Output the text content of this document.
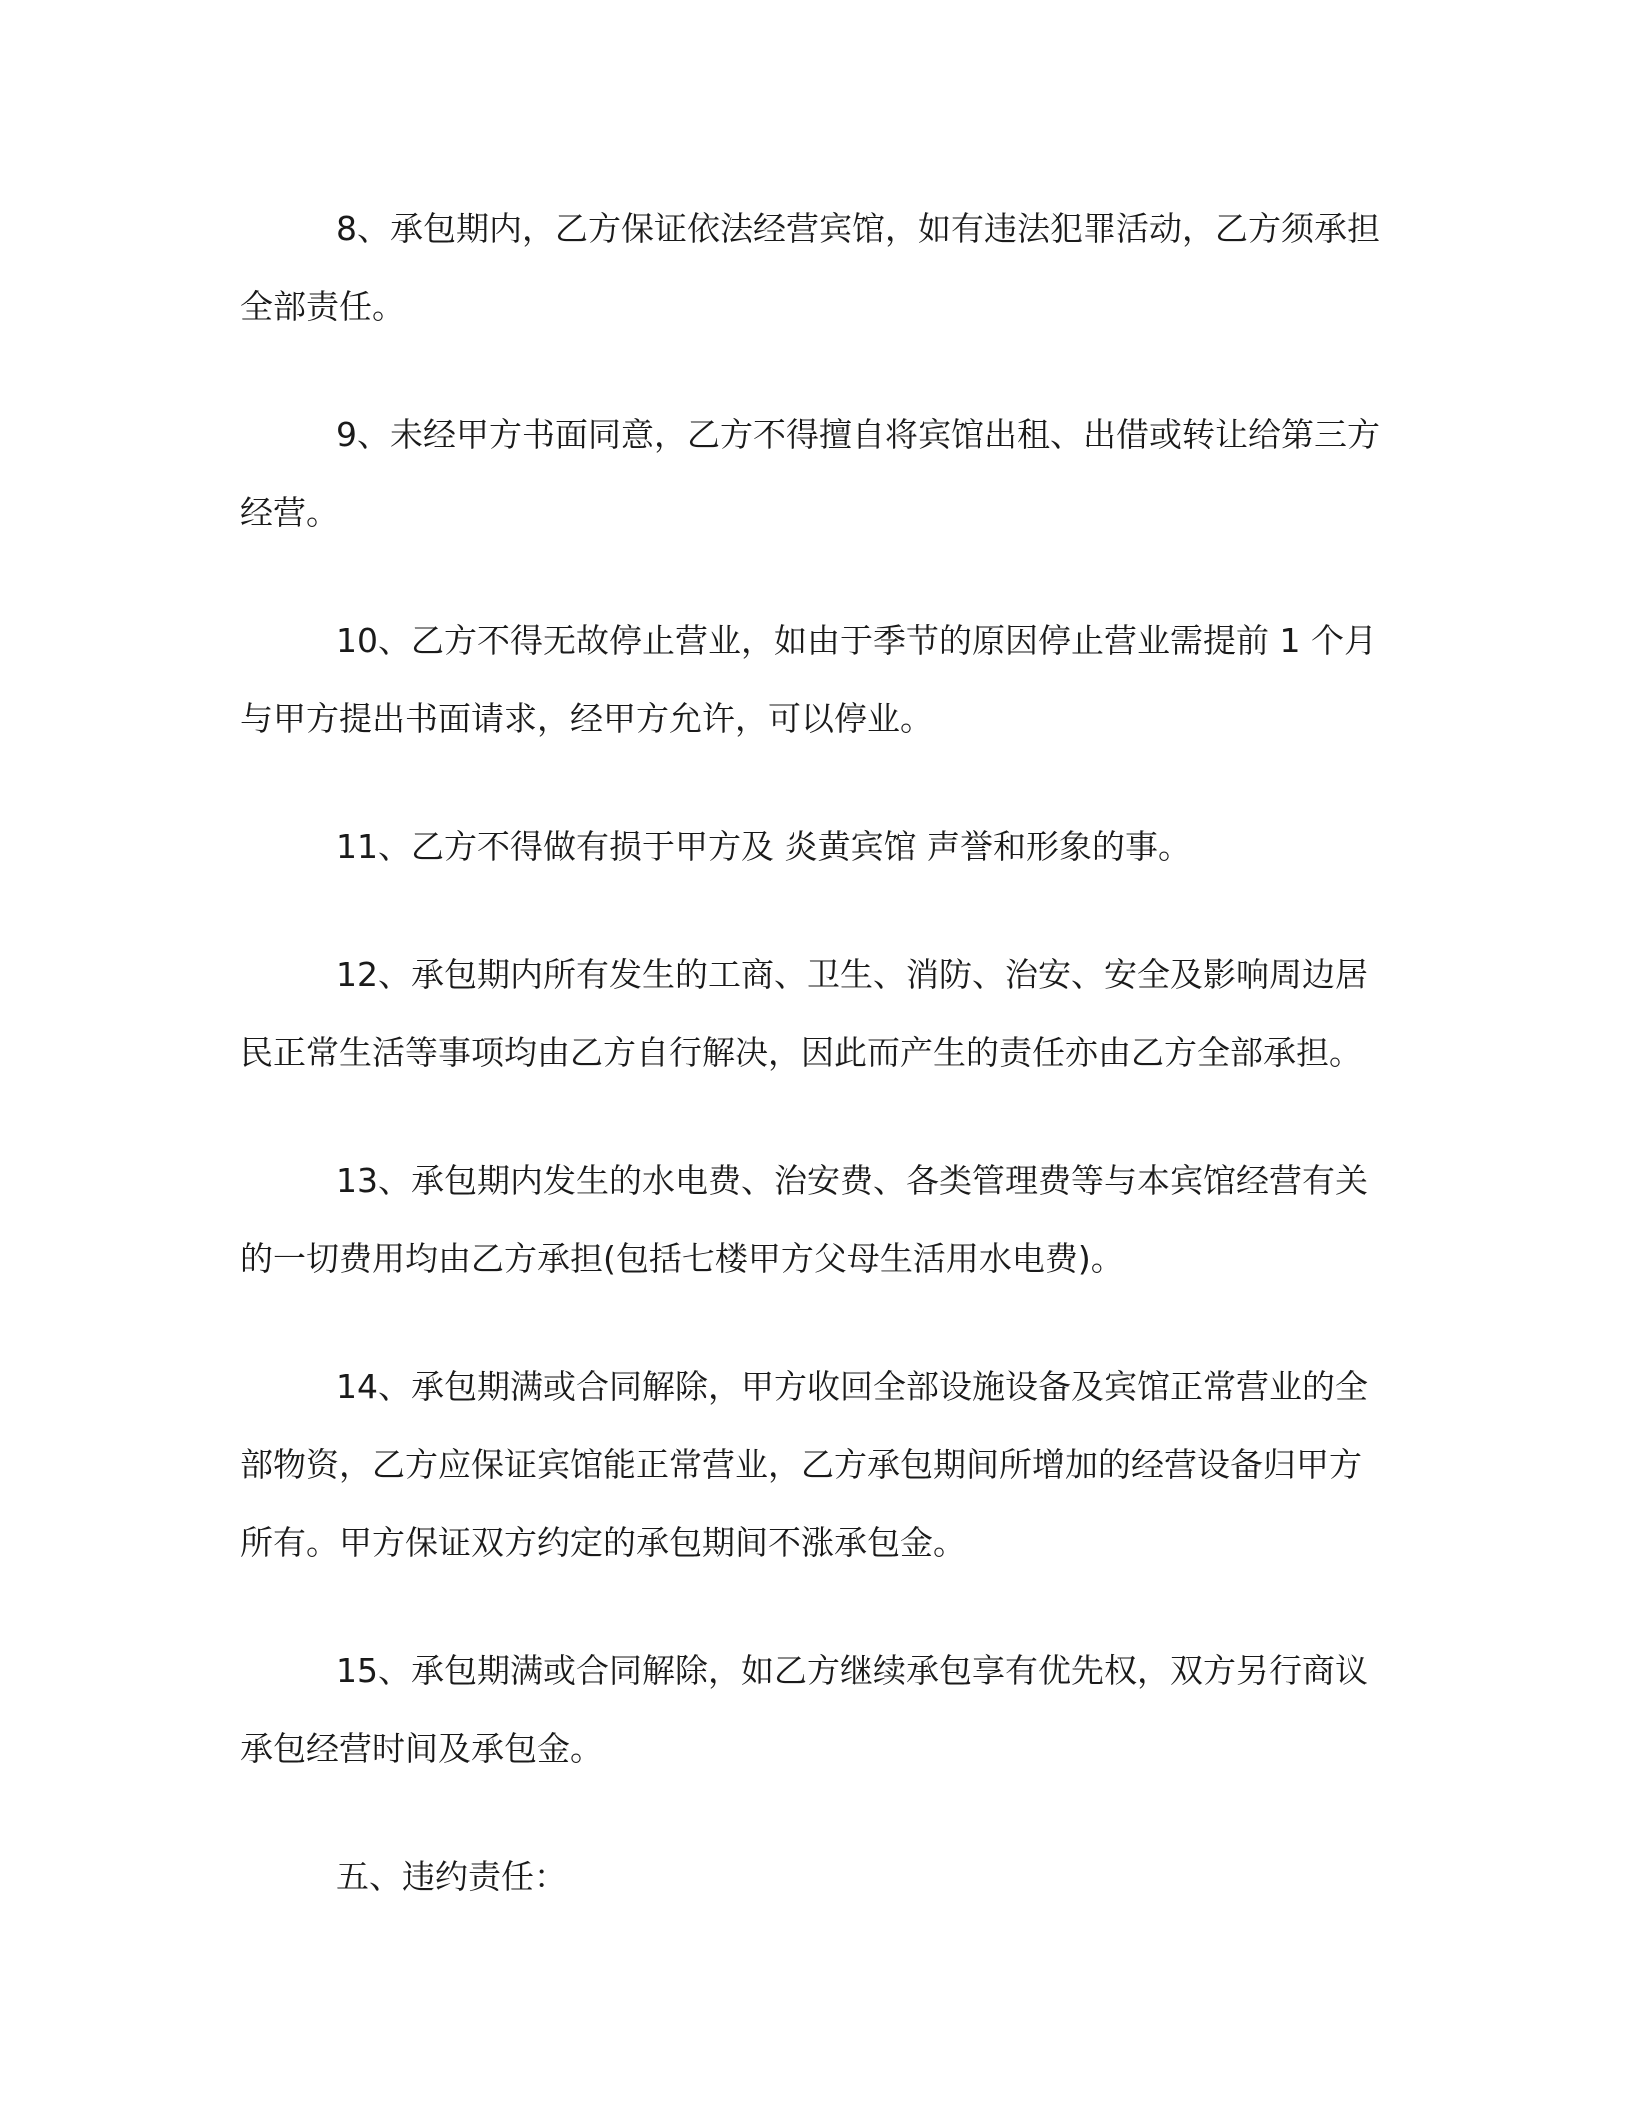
8、承包期内，乙方保证依法经营宾馆，如有违法犯罪活动，乙方须承担全部责任。

9、未经甲方书面同意，乙方不得擅自将宾馆出租、出借或转让给第三方经营。

10、乙方不得无故停止营业，如由于季节的原因停止营业需提前 1 个月与甲方提出书面请求，经甲方允许，可以停业。

11、乙方不得做有损于甲方及 炎黄宾馆 声誉和形象的事。

12、承包期内所有发生的工商、卫生、消防、治安、安全及影响周边居民正常生活等事项均由乙方自行解决，因此而产生的责任亦由乙方全部承担。

13、承包期内发生的水电费、治安费、各类管理费等与本宾馆经营有关的一切费用均由乙方承担(包括七楼甲方父母生活用水电费)。

14、承包期满或合同解除，甲方收回全部设施设备及宾馆正常营业的全部物资，乙方应保证宾馆能正常营业，乙方承包期间所增加的经营设备归甲方所有。甲方保证双方约定的承包期间不涨承包金。

15、承包期满或合同解除，如乙方继续承包享有优先权，双方另行商议承包经营时间及承包金。

五、违约责任：
